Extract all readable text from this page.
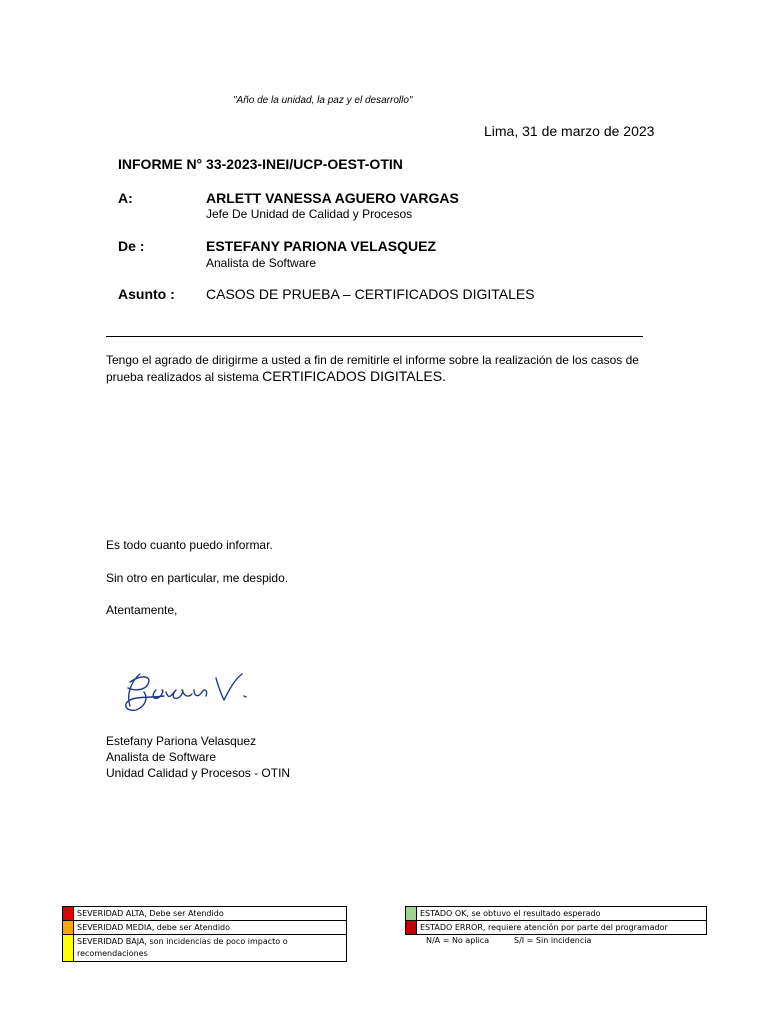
"Año de la unidad, la paz y el desarrollo"
Lima, 31 de marzo de 2023
INFORME N° 33-2023-INEI/UCP-OEST-OTIN
A:	ARLETT VANESSA AGUERO VARGAS
Jefe De Unidad de Calidad y Procesos
De :	ESTEFANY PARIONA VELASQUEZ
Analista de Software
Asunto : CASOS DE PRUEBA – CERTIFICADOS DIGITALES
Tengo el agrado de dirigirme a usted a fin de remitirle el informe sobre la realización de los casos de prueba realizados al sistema CERTIFICADOS DIGITALES.
Es todo cuanto puedo informar.
Sin otro en particular, me despido.
Atentamente,
Estefany Pariona Velasquez
Analista de Software
Unidad Calidad y Procesos - OTIN
	SEVERIDAD ALTA, Debe ser Atendido
	SEVERIDAD MEDIA, debe ser Atendido
	SEVERIDAD BAJA, son incidencias de poco impacto o recomendaciones
	ESTADO OK, se obtuvo el resultado esperado
	ESTADO ERROR, requiere atención por parte del programador
N/A = No aplica	S/I = Sin incidencia
